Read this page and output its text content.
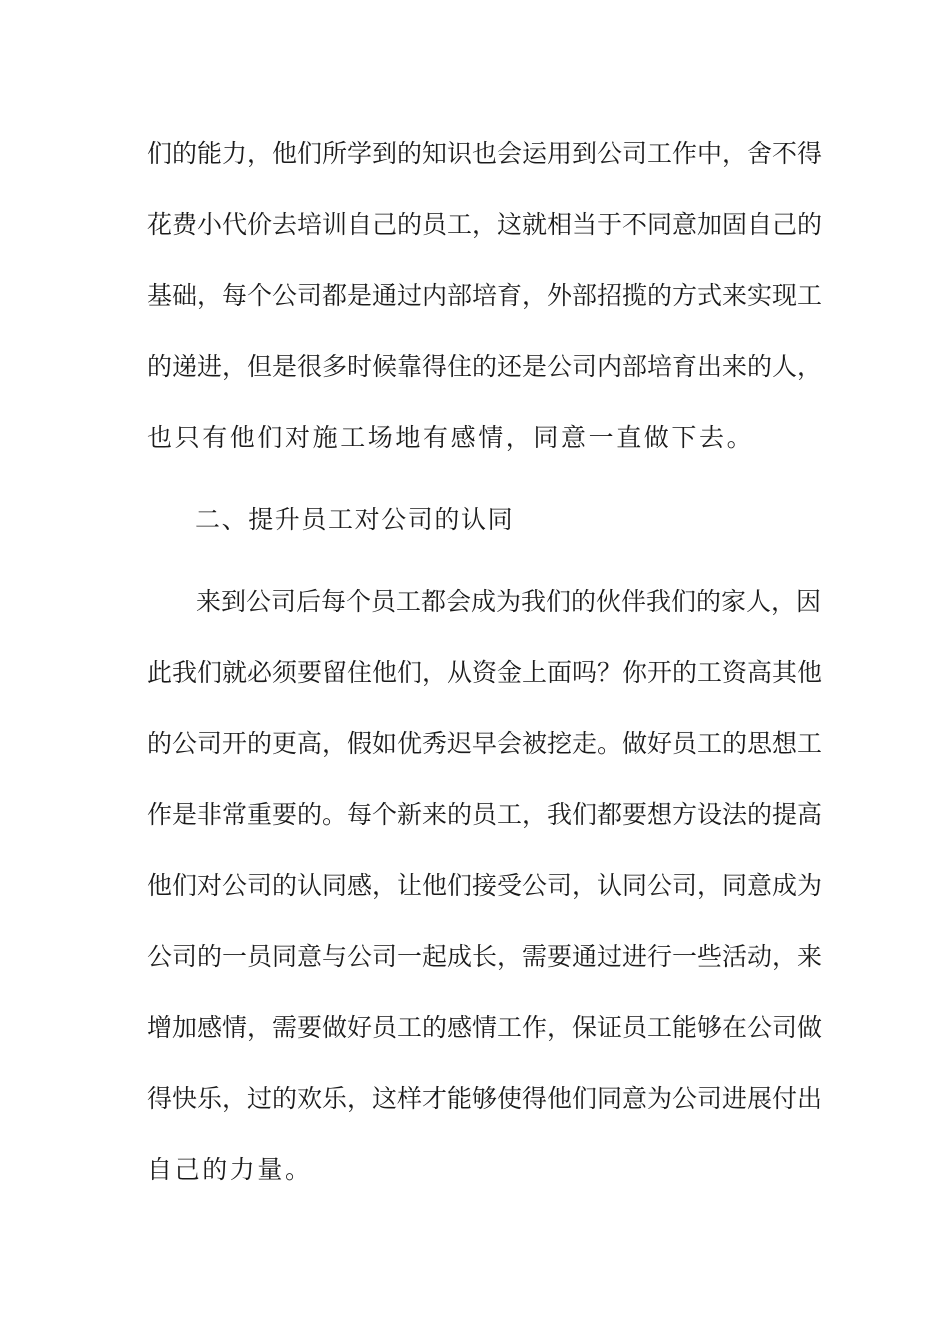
们的能力，他们所学到的知识也会运用到公司工作中，舍不得
花费小代价去培训自己的员工，这就相当于不同意加固自己的
基础，每个公司都是通过内部培育，外部招揽的方式来实现工
的递进，但是很多时候靠得住的还是公司内部培育出来的人，
也只有他们对施工场地有感情，同意一直做下去。
二、提升员工对公司的认同
来到公司后每个员工都会成为我们的伙伴我们的家人，因
此我们就必须要留住他们，从资金上面吗？你开的工资高其他
的公司开的更高，假如优秀迟早会被挖走。做好员工的思想工
作是非常重要的。每个新来的员工，我们都要想方设法的提高
他们对公司的认同感，让他们接受公司，认同公司，同意成为
公司的一员同意与公司一起成长，需要通过进行一些活动，来
增加感情，需要做好员工的感情工作，保证员工能够在公司做
得快乐，过的欢乐，这样才能够使得他们同意为公司进展付出
自己的力量。
